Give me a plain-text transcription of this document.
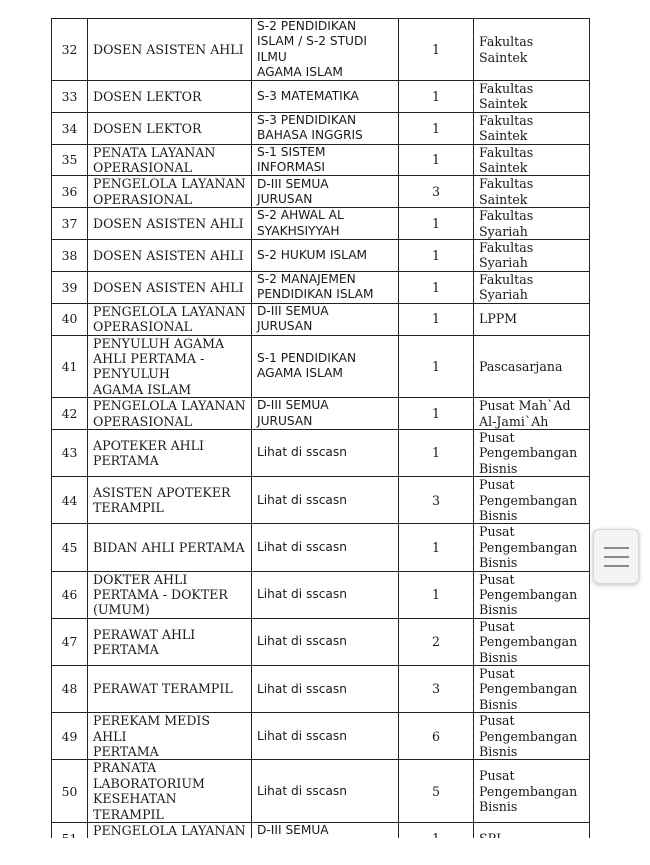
32	DOSEN ASISTEN AHLI	S-2 PENDIDIKAN
ISLAM / S-2 STUDI
ILMU
AGAMA ISLAM	1	Fakultas
Saintek

33	DOSEN LEKTOR	S-3 MATEMATIKA	1	Fakultas
Saintek

34	DOSEN LEKTOR	S-3 PENDIDIKAN
BAHASA INGGRIS	1	Fakultas
Saintek

35	PENATA LAYANAN
OPERASIONAL	S-1 SISTEM
INFORMASI	1	Fakultas
Saintek

36	PENGELOLA LAYANAN
OPERASIONAL	D-III SEMUA
JURUSAN	3	Fakultas
Saintek

37	DOSEN ASISTEN AHLI	S-2 AHWAL AL
SYAKHSIYYAH	1	Fakultas
Syariah

38	DOSEN ASISTEN AHLI	S-2 HUKUM ISLAM	1	Fakultas
Syariah

39	DOSEN ASISTEN AHLI	S-2 MANAJEMEN
PENDIDIKAN ISLAM	1	Fakultas
Syariah

40	PENGELOLA LAYANAN
OPERASIONAL	D-III SEMUA
JURUSAN	1	LPPM

41	PENYULUH AGAMA
AHLI PERTAMA -
PENYULUH
AGAMA ISLAM	S-1 PENDIDIKAN
AGAMA ISLAM	1	Pascasarjana

42	PENGELOLA LAYANAN
OPERASIONAL	D-III SEMUA
JURUSAN	1	Pusat Mah`Ad
Al-Jami`Ah

43	APOTEKER AHLI
PERTAMA	Lihat di sscasn	1	Pusat
Pengembangan
Bisnis

44	ASISTEN APOTEKER
TERAMPIL	Lihat di sscasn	3	Pusat
Pengembangan
Bisnis

45	BIDAN AHLI PERTAMA	Lihat di sscasn	1	Pusat
Pengembangan
Bisnis

46	DOKTER AHLI
PERTAMA - DOKTER
(UMUM)	Lihat di sscasn	1	Pusat
Pengembangan
Bisnis

47	PERAWAT AHLI
PERTAMA	Lihat di sscasn	2	Pusat
Pengembangan
Bisnis

48	PERAWAT TERAMPIL	Lihat di sscasn	3	Pusat
Pengembangan
Bisnis

49	PEREKAM MEDIS AHLI
PERTAMA	Lihat di sscasn	6	Pusat
Pengembangan
Bisnis

50	PRANATA
LABORATORIUM
KESEHATAN
TERAMPIL	Lihat di sscasn	5	Pusat
Pengembangan
Bisnis

PENGELOLA LAYANAN	D-III SEMUA
